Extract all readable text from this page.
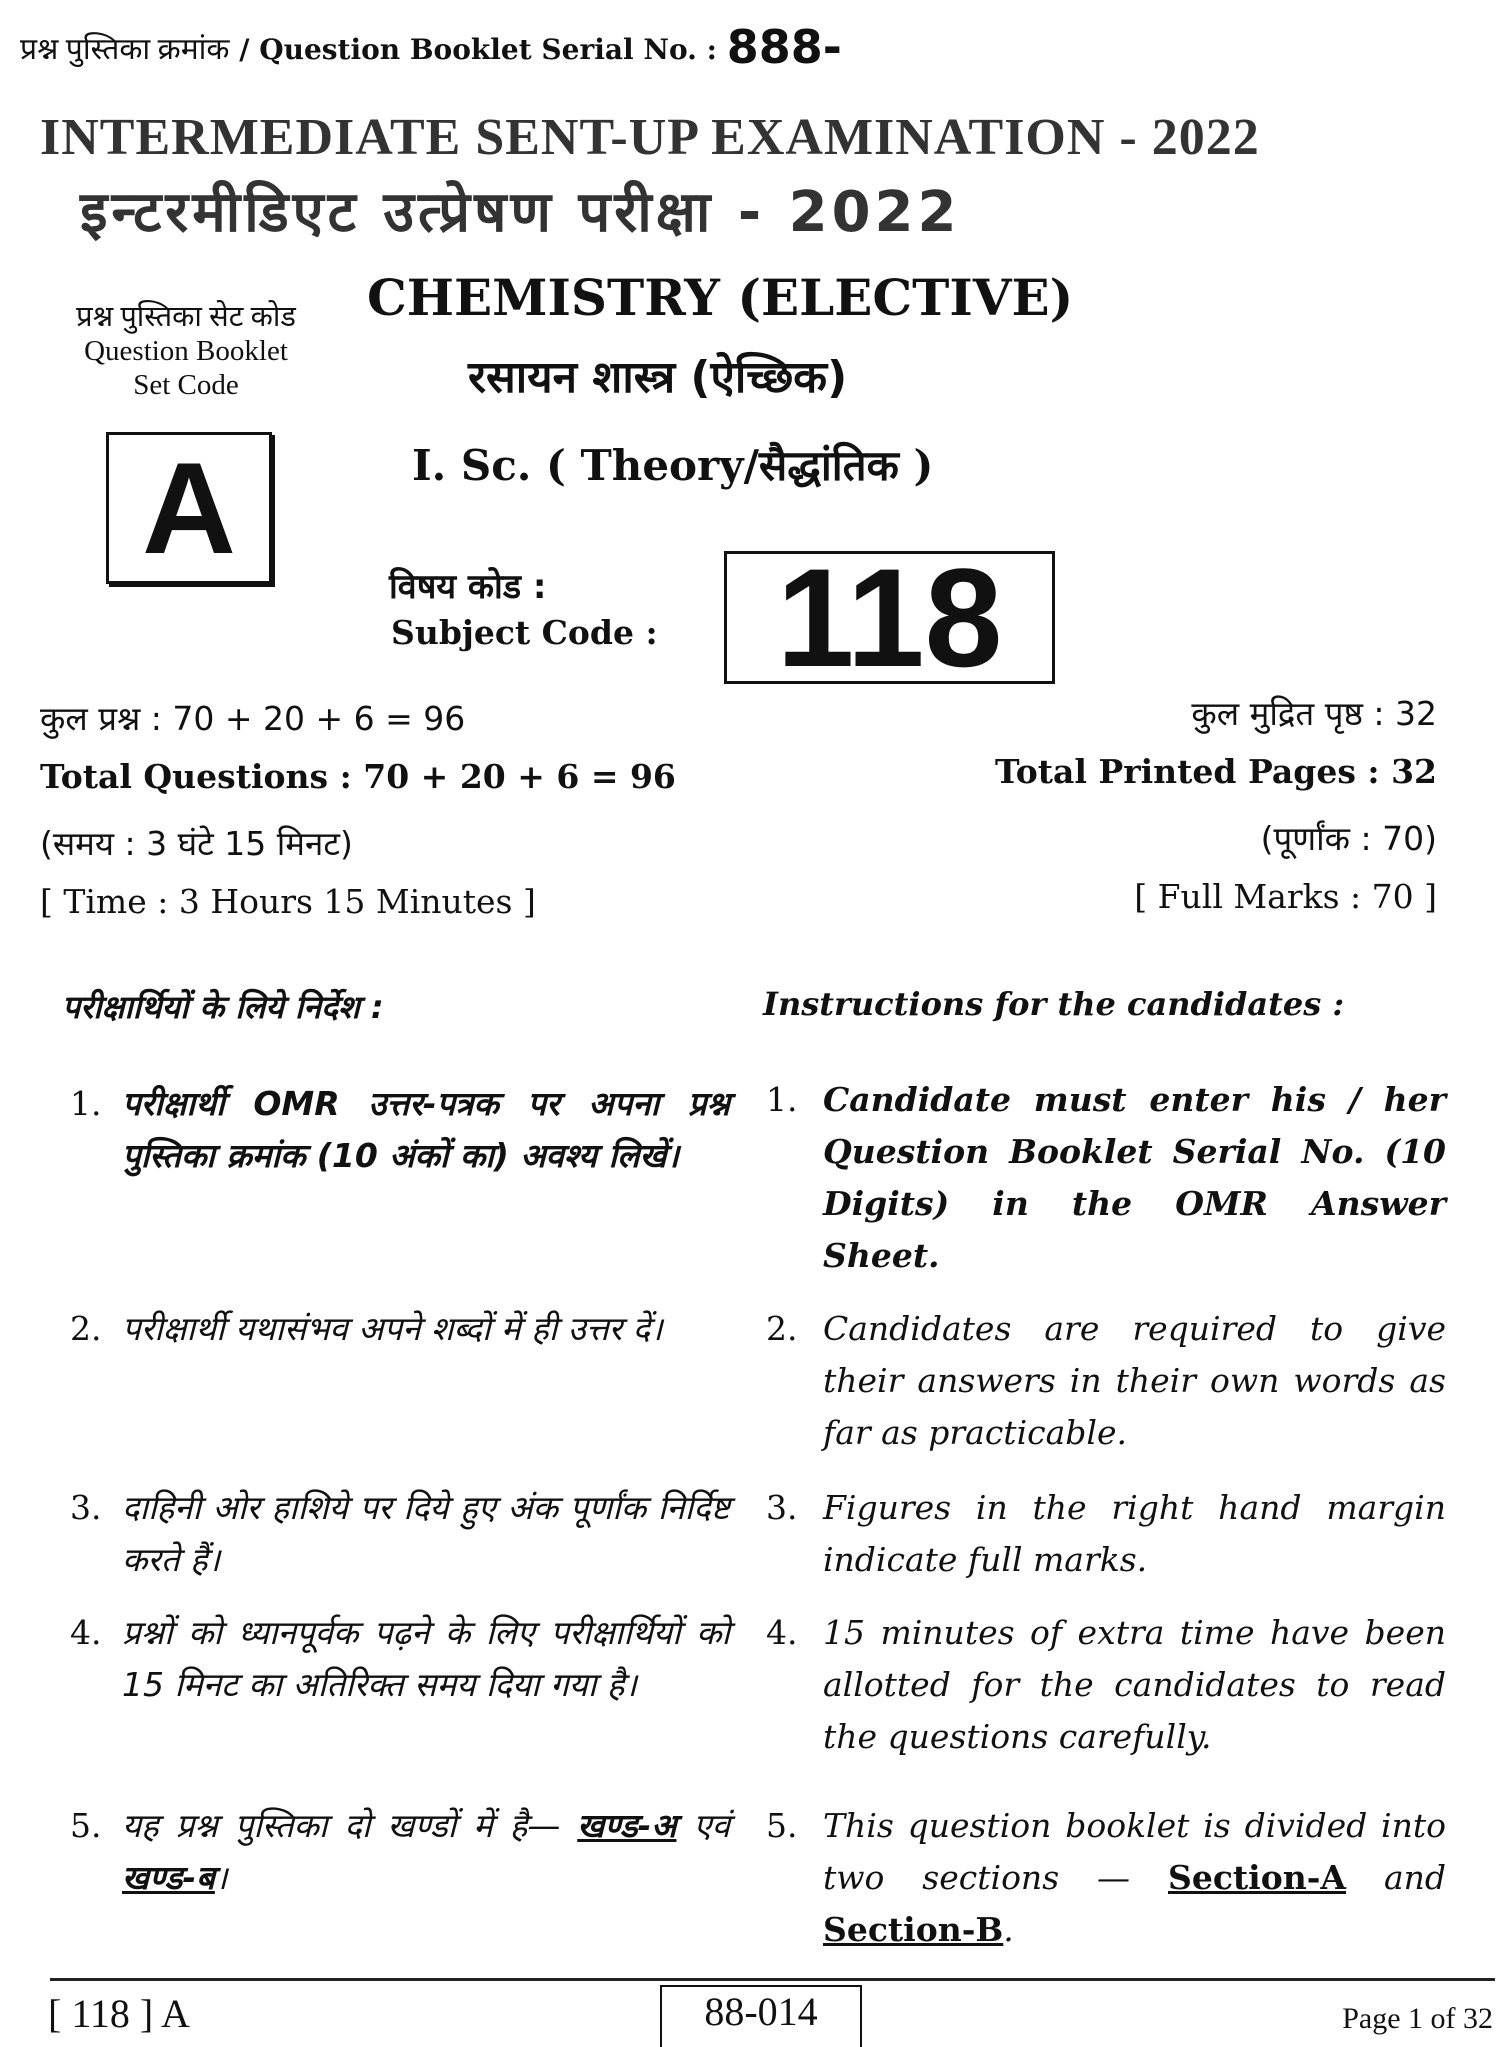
प्रश्न पुस्तिका क्रमांक / Question Booklet Serial No. : 888-
INTERMEDIATE SENT-UP EXAMINATION - 2022
इन्टरमीडिएट उत्प्रेषण परीक्षा - 2022
प्रश्न पुस्तिका सेट कोड
Question Booklet
Set Code
A
CHEMISTRY (ELECTIVE)
रसायन शास्त्र (ऐच्छिक)
I. Sc. ( Theory/सैद्धांतिक )
विषय कोड :
Subject Code : 118
कुल प्रश्न : 70 + 20 + 6 = 96
Total Questions : 70 + 20 + 6 = 96
(समय : 3 घंटे 15 मिनट)
[ Time : 3 Hours 15 Minutes ]
कुल मुद्रित पृष्ठ : 32
Total Printed Pages : 32
(पूर्णांक : 70)
[ Full Marks : 70 ]
परीक्षार्थियों के लिये निर्देश :	Instructions for the candidates :
1. परीक्षार्थी OMR उत्तर-पत्रक पर अपना प्रश्न पुस्तिका क्रमांक (10 अंकों का) अवश्य लिखें।
2. परीक्षार्थी यथासंभव अपने शब्दों में ही उत्तर दें।
3. दाहिनी ओर हाशिये पर दिये हुए अंक पूर्णांक निर्दिष्ट करते हैं।
4. प्रश्नों को ध्यानपूर्वक पढ़ने के लिए परीक्षार्थियों को 15 मिनट का अतिरिक्त समय दिया गया है।
5. यह प्रश्न पुस्तिका दो खण्डों में है— खण्ड-अ एवं खण्ड-ब।
1. Candidate must enter his / her Question Booklet Serial No. (10 Digits) in the OMR Answer Sheet.
2. Candidates are required to give their answers in their own words as far as practicable.
3. Figures in the right hand margin indicate full marks.
4. 15 minutes of extra time have been allotted for the candidates to read the questions carefully.
5. This question booklet is divided into two sections — Section-A and Section-B.
[ 118 ] A	88-014	Page 1 of 32
